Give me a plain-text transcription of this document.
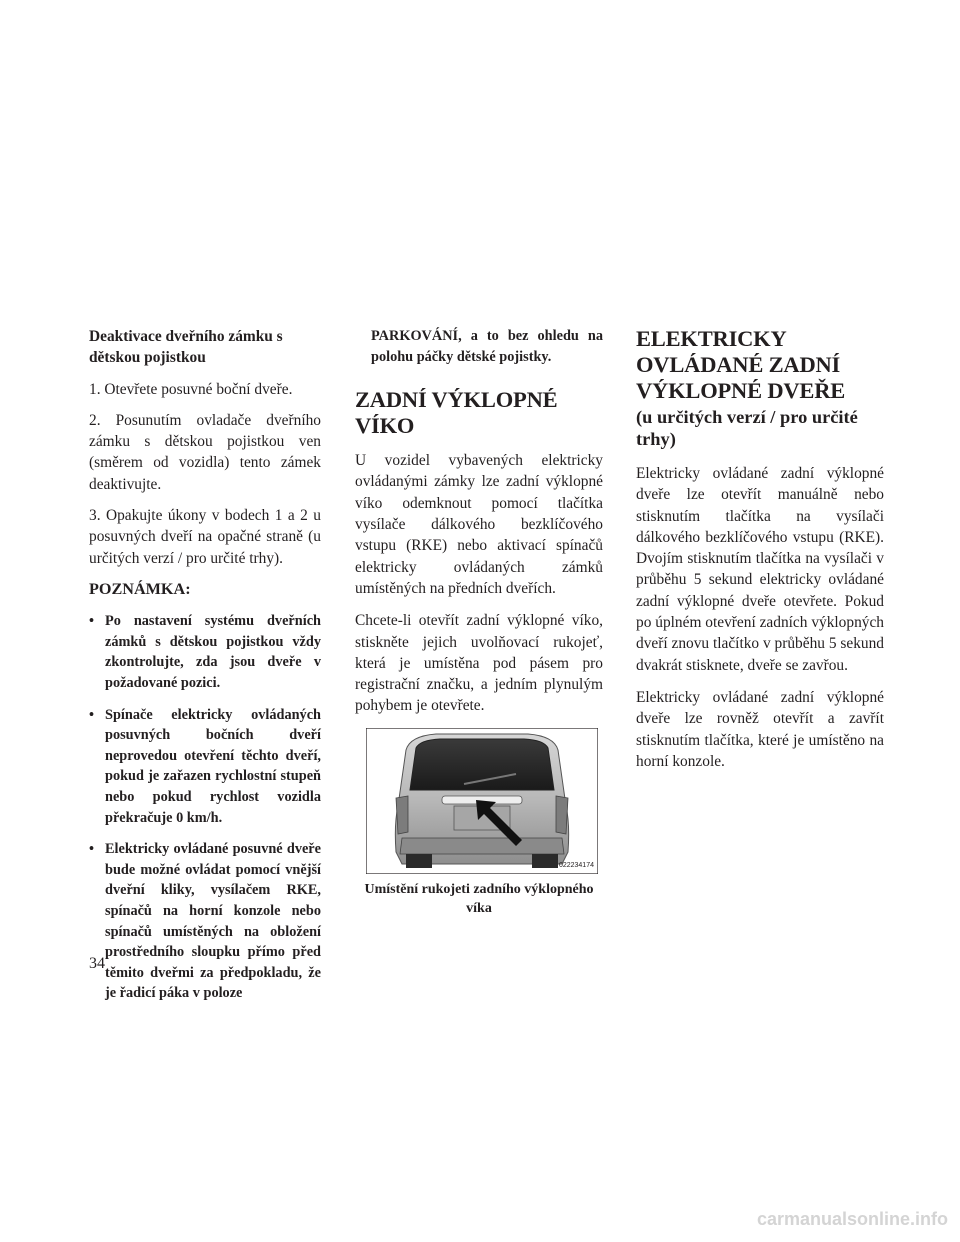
Deaktivace dveřního zámku s dětskou pojistkou

1. Otevřete posuvné boční dveře.

2. Posunutím ovladače dveřního zámku s dětskou pojistkou ven (směrem od vozidla) tento zámek deaktivujte.

3. Opakujte úkony v bodech 1 a 2 u posuvných dveří na opačné straně (u určitých verzí / pro určité trhy).

POZNÁMKA:

• Po nastavení systému dveřních zámků s dětskou pojistkou vždy zkontrolujte, zda jsou dveře v požadované pozici.
• Spínače elektricky ovládaných posuvných bočních dveří neprovedou otevření těchto dveří, pokud je zařazen rychlostní stupeň nebo pokud rychlost vozidla překračuje 0 km/h.
• Elektricky ovládané posuvné dveře bude možné ovládat pomocí vnější dveřní kliky, vysílačem RKE, spínačů na horní konzole nebo spínačů umístěných na obložení prostředního sloupku přímo před těmito dveřmi za předpokladu, že je řadicí páka v poloze

PARKOVÁNÍ, a to bez ohledu na polohu páčky dětské pojistky.

ZADNÍ VÝKLOPNÉ VÍKO

U vozidel vybavených elektricky ovládanými zámky lze zadní výklopné víko odemknout pomocí tlačítka vysílače dálkového bezklíčového vstupu (RKE) nebo aktivací spínačů elektricky ovládaných zámků umístěných na předních dveřích.

Chcete-li otevřít zadní výklopné víko, stiskněte jejich uvolňovací rukojeť, která je umístěna pod pásem pro registrační značku, a jedním plynulým pohybem je otevřete.

022234174

Umístění rukojeti zadního výklopného víka

ELEKTRICKY OVLÁDANÉ ZADNÍ VÝKLOPNÉ DVEŘE
(u určitých verzí / pro určité trhy)

Elektricky ovládané zadní výklopné dveře lze otevřít manuálně nebo stisknutím tlačítka na vysílači dálkového bezklíčového vstupu (RKE). Dvojím stisknutím tlačítka na vysílači v průběhu 5 sekund elektricky ovládané zadní výklopné dveře otevřete. Pokud po úplném otevření zadních výklopných dveří znovu tlačítko v průběhu 5 sekund dvakrát stisknete, dveře se zavřou.

Elektricky ovládané zadní výklopné dveře lze rovněž otevřít a zavřít stisknutím tlačítka, které je umístěno na horní konzole.

34
carmanualsonline.info
